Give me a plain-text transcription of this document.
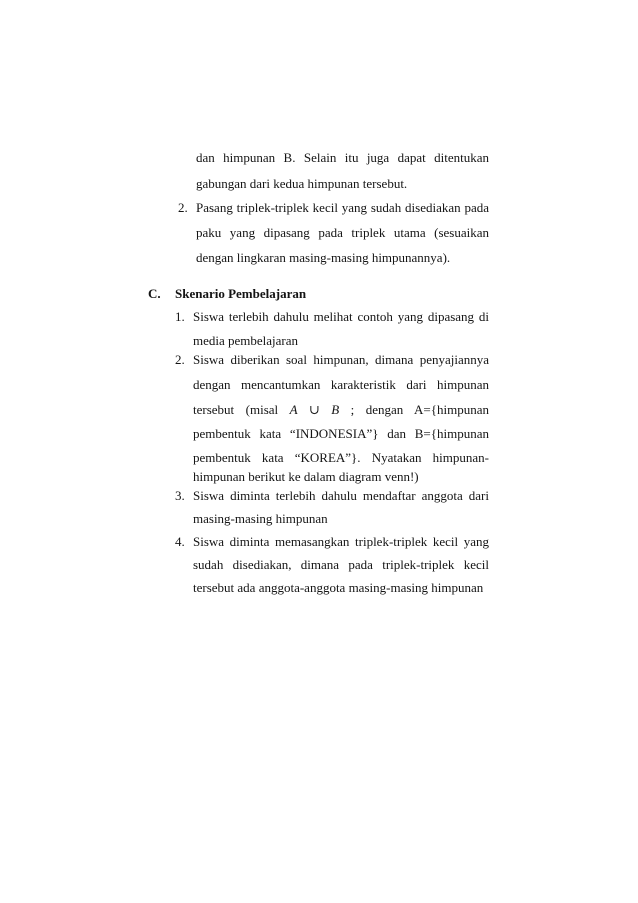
dan himpunan B. Selain itu juga dapat ditentukan
gabungan dari kedua himpunan tersebut.
2. Pasang triplek-triplek kecil yang sudah disediakan pada
paku yang dipasang pada triplek utama (sesuaikan
dengan lingkaran masing-masing himpunannya).
C. Skenario Pembelajaran
1. Siswa terlebih dahulu melihat contoh yang dipasang di
media pembelajaran
2. Siswa diberikan soal himpunan, dimana penyajiannya
dengan mencantumkan karakteristik dari himpunan
tersebut (misal A ∪ B ; dengan A={himpunan
pembentuk kata “INDONESIA”} dan B={himpunan
pembentuk kata “KOREA”}. Nyatakan himpunan-
himpunan berikut ke dalam diagram venn!)
3. Siswa diminta terlebih dahulu mendaftar anggota dari
masing-masing himpunan
4. Siswa diminta memasangkan triplek-triplek kecil yang
sudah disediakan, dimana pada triplek-triplek kecil
tersebut ada anggota-anggota masing-masing himpunan
